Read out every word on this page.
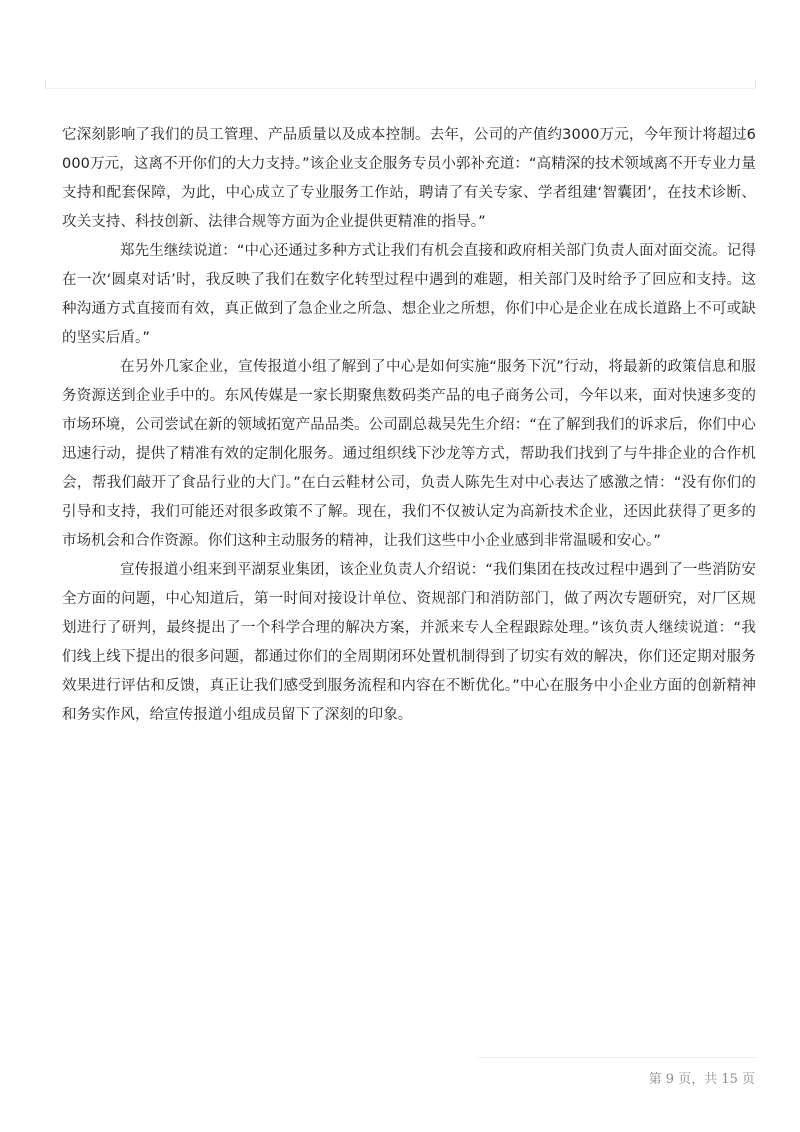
它深刻影响了我们的员工管理、产品质量以及成本控制。去年，公司的产值约3000万元，今年预计将超过6000万元，这离不开你们的大力支持。”该企业支企服务专员小郭补充道：“高精深的技术领域离不开专业力量支持和配套保障，为此，中心成立了专业服务工作站，聘请了有关专家、学者组建‘智囊团’，在技术诊断、攻关支持、科技创新、法律合规等方面为企业提供更精准的指导。”

郑先生继续说道：“中心还通过多种方式让我们有机会直接和政府相关部门负责人面对面交流。记得在一次‘圆桌对话’时，我反映了我们在数字化转型过程中遇到的难题，相关部门及时给予了回应和支持。这种沟通方式直接而有效，真正做到了急企业之所急、想企业之所想，你们中心是企业在成长道路上不可或缺的坚实后盾。”

在另外几家企业，宣传报道小组了解到了中心是如何实施“服务下沉”行动，将最新的政策信息和服务资源送到企业手中的。东风传媒是一家长期聚焦数码类产品的电子商务公司，今年以来，面对快速多变的市场环境，公司尝试在新的领域拓宽产品品类。公司副总裁吴先生介绍：“在了解到我们的诉求后，你们中心迅速行动，提供了精准有效的定制化服务。通过组织线下沙龙等方式，帮助我们找到了与牛排企业的合作机会，帮我们敲开了食品行业的大门。”在白云鞋材公司，负责人陈先生对中心表达了感激之情：“没有你们的引导和支持，我们可能还对很多政策不了解。现在，我们不仅被认定为高新技术企业，还因此获得了更多的市场机会和合作资源。你们这种主动服务的精神，让我们这些中小企业感到非常温暖和安心。”

宣传报道小组来到平湖泵业集团，该企业负责人介绍说：“我们集团在技改过程中遇到了一些消防安全方面的问题，中心知道后，第一时间对接设计单位、资规部门和消防部门，做了两次专题研究，对厂区规划进行了研判，最终提出了一个科学合理的解决方案，并派来专人全程跟踪处理。”该负责人继续说道：“我们线上线下提出的很多问题，都通过你们的全周期闭环处置机制得到了切实有效的解决，你们还定期对服务效果进行评估和反馈，真正让我们感受到服务流程和内容在不断优化。”中心在服务中小企业方面的创新精神和务实作风，给宣传报道小组成员留下了深刻的印象。

第 9 页，共 15 页
